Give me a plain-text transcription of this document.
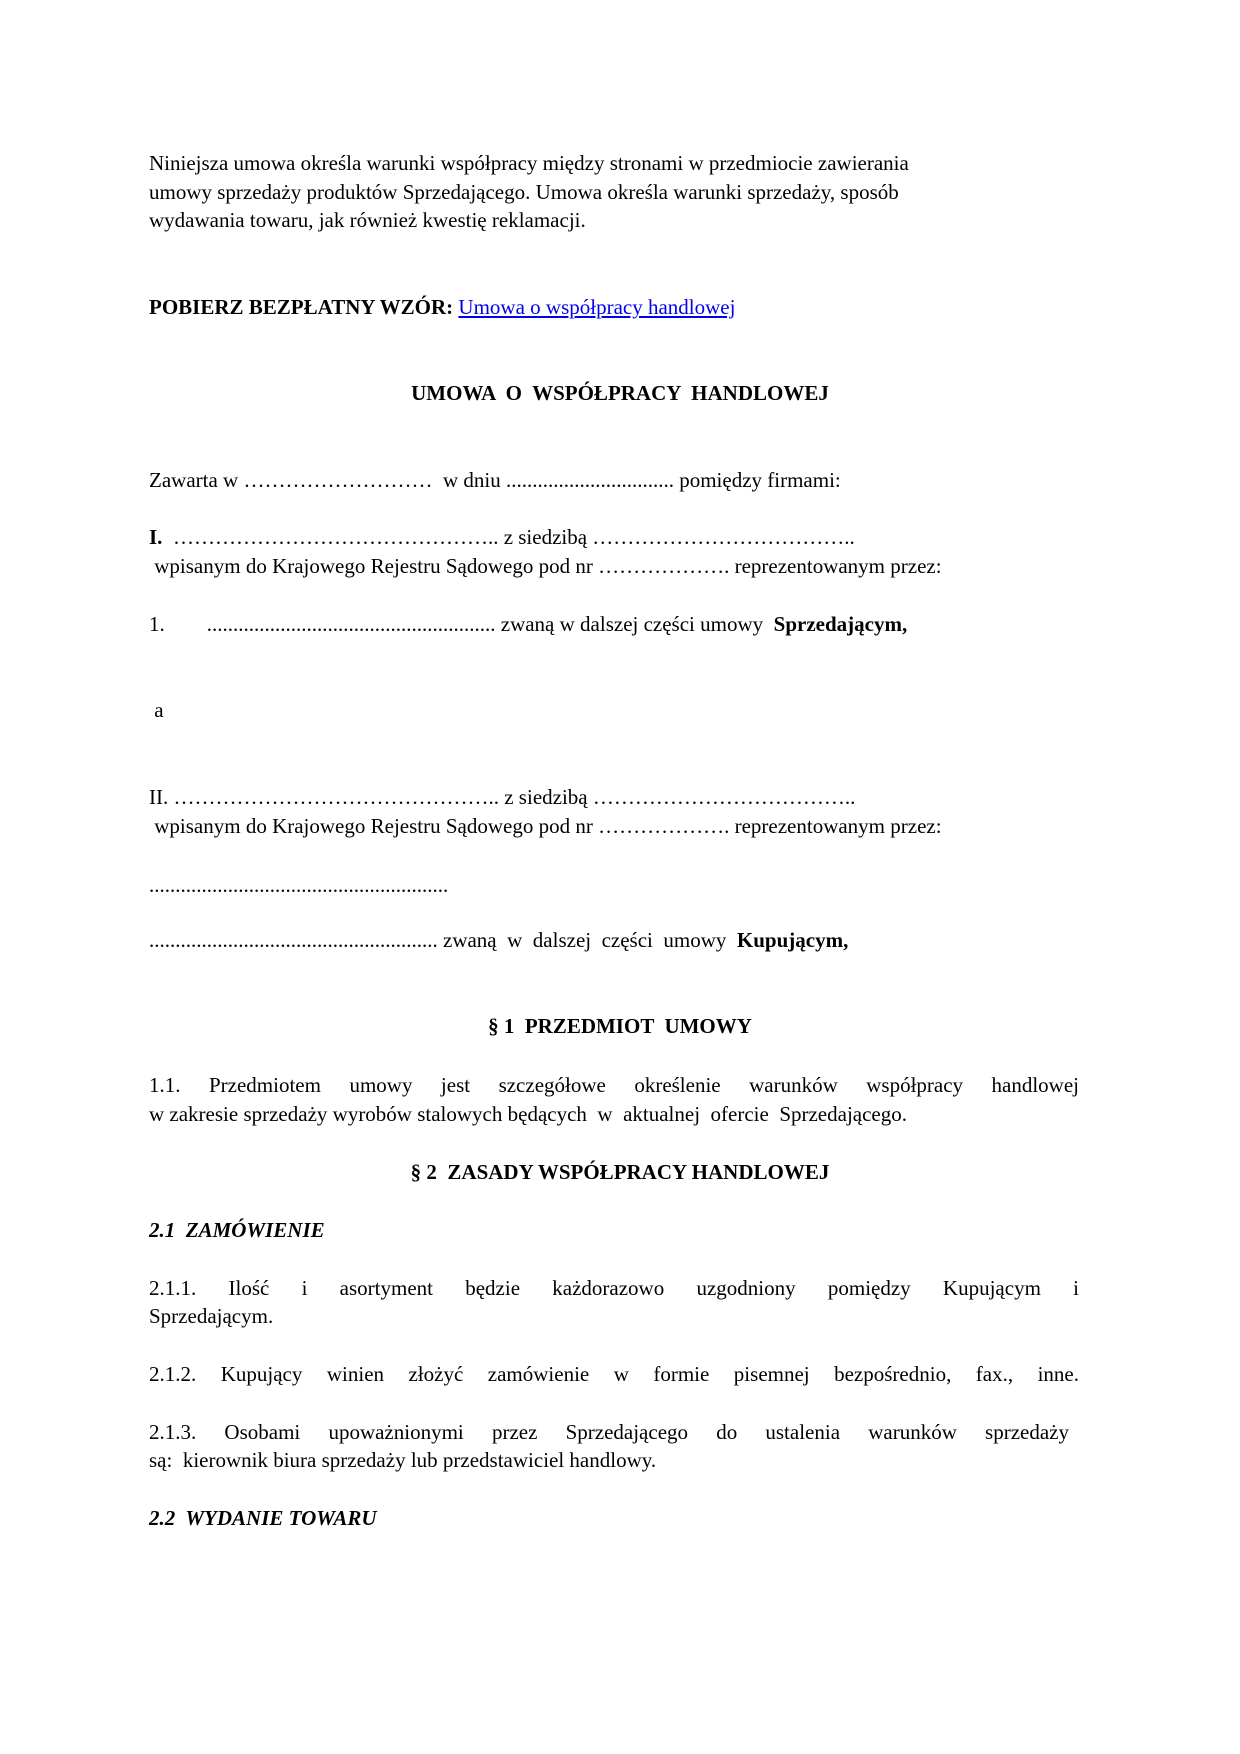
Niniejsza umowa określa warunki współpracy między stronami w przedmiocie zawierania
umowy sprzedaży produktów Sprzedającego. Umowa określa warunki sprzedaży, sposób
wydawania towaru, jak również kwestię reklamacji.
POBIERZ BEZPŁATNY WZÓR: Umowa o współpracy handlowej
UMOWA  O  WSPÓŁPRACY  HANDLOWEJ
Zawarta w ………………………  w dniu ................................ pomiędzy firmami:
I.  ……………………………………….. z siedzibą ………………………………..
wpisanym do Krajowego Rejestru Sądowego pod nr ………………. reprezentowanym przez:
1.        ....................................................... zwaną w dalszej części umowy  Sprzedającym,
a
II. ……………………………………….. z siedzibą ………………………………..
wpisanym do Krajowego Rejestru Sądowego pod nr ………………. reprezentowanym przez:
.........................................................
....................................................... zwaną  w  dalszej  części  umowy  Kupującym,
§ 1  PRZEDMIOT  UMOWY
1.1. Przedmiotem umowy jest szczegółowe określenie warunków współpracy handlowej
w zakresie sprzedaży wyrobów stalowych będących  w  aktualnej  ofercie  Sprzedającego.
§ 2  ZASADY WSPÓŁPRACY HANDLOWEJ
2.1  ZAMÓWIENIE
2.1.1. Ilość i asortyment będzie każdorazowo uzgodniony pomiędzy Kupującym i
Sprzedającym.
2.1.2. Kupujący winien złożyć zamówienie w formie pisemnej bezpośrednio, fax., inne.
2.1.3. Osobami upoważnionymi przez Sprzedającego do ustalenia warunków sprzedaży
są:  kierownik biura sprzedaży lub przedstawiciel handlowy.
2.2  WYDANIE TOWARU
